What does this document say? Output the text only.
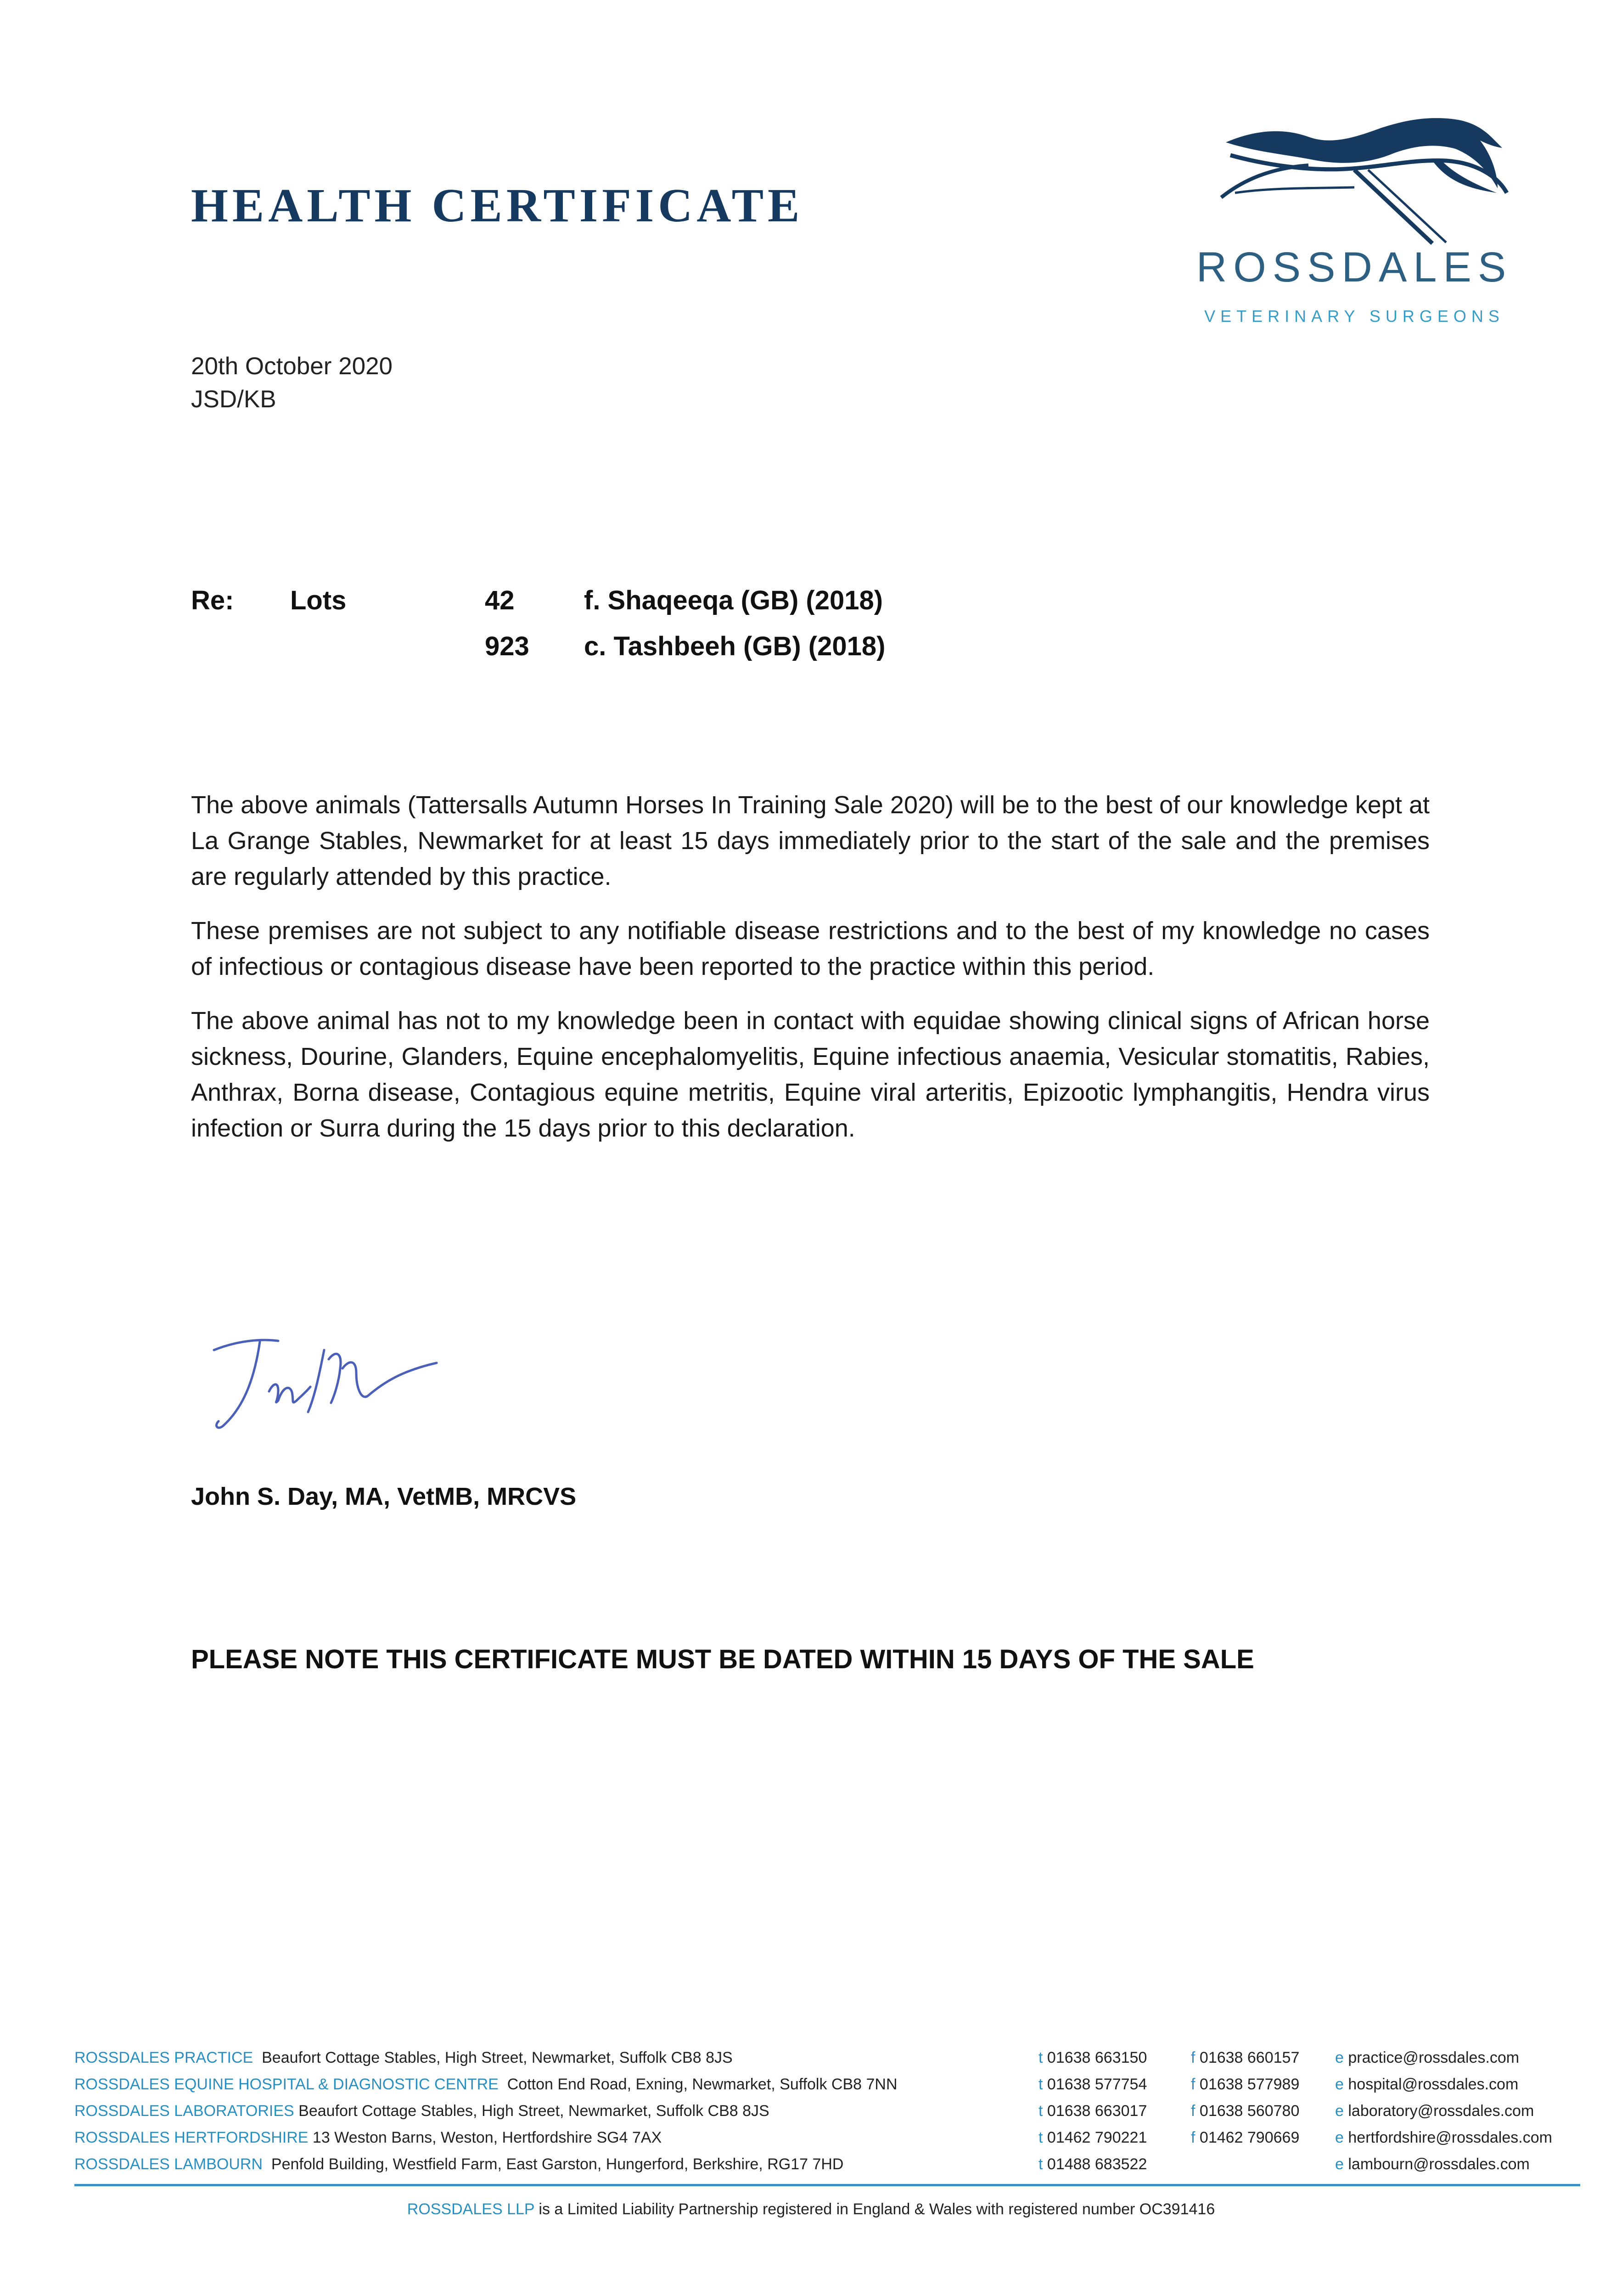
HEALTH CERTIFICATE
ROSSDALES
VETERINARY SURGEONS
20th October 2020
JSD/KB
Re: Lots	42	f. Shaqeeqa (GB) (2018)
923 c. Tashbeeh (GB) (2018)

The above animals (Tattersalls Autumn Horses In Training Sale 2020) will be to the best of our knowledge kept at La Grange Stables, Newmarket for at least 15 days immediately prior to the start of the sale and the premises are regularly attended by this practice.

These premises are not subject to any notifiable disease restrictions and to the best of my knowledge no cases of infectious or contagious disease have been reported to the practice within this period.

The above animal has not to my knowledge been in contact with equidae showing clinical signs of African horse sickness, Dourine, Glanders, Equine encephalomyelitis, Equine infectious anaemia, Vesicular stomatitis, Rabies, Anthrax, Borna disease, Contagious equine metritis, Equine viral arteritis, Epizootic lymphangitis, Hendra virus infection or Surra during the 15 days prior to this declaration.

John S. Day, MA, VetMB, MRCVS
PLEASE NOTE THIS CERTIFICATE MUST BE DATED WITHIN 15 DAYS OF THE SALE
ROSSDALES PRACTICE Beaufort Cottage Stables, High Street, Newmarket, Suffolk CB8 8JS	t 01638 663150	f 01638 660157 e practice@rossdales.com
ROSSDALES EQUINE HOSPITAL & DIAGNOSTIC CENTRE Cotton End Road, Exning, Newmarket, Suffolk CB8 7NN	t 01638 577754	f 01638 577989 e hospital@rossdales.com
ROSSDALES LABORATORIES Beaufort Cottage Stables, High Street, Newmarket, Suffolk CB8 8JS	t 01638 663017	f 01638 560780 e laboratory@rossdales.com
ROSSDALES HERTFORDSHIRE 13 Weston Barns, Weston, Hertfordshire SG4 7AX	t 01462 790221	f 01462 790669 e hertfordshire@rossdales.com
ROSSDALES LAMBOURN Penfold Building, Westfield Farm, East Garston, Hungerford, Berkshire, RG17 7HD	t 01488 683522	e lambourn@rossdales.com
ROSSDALES LLP is a Limited Liability Partnership registered in England & Wales with registered number OC391416
